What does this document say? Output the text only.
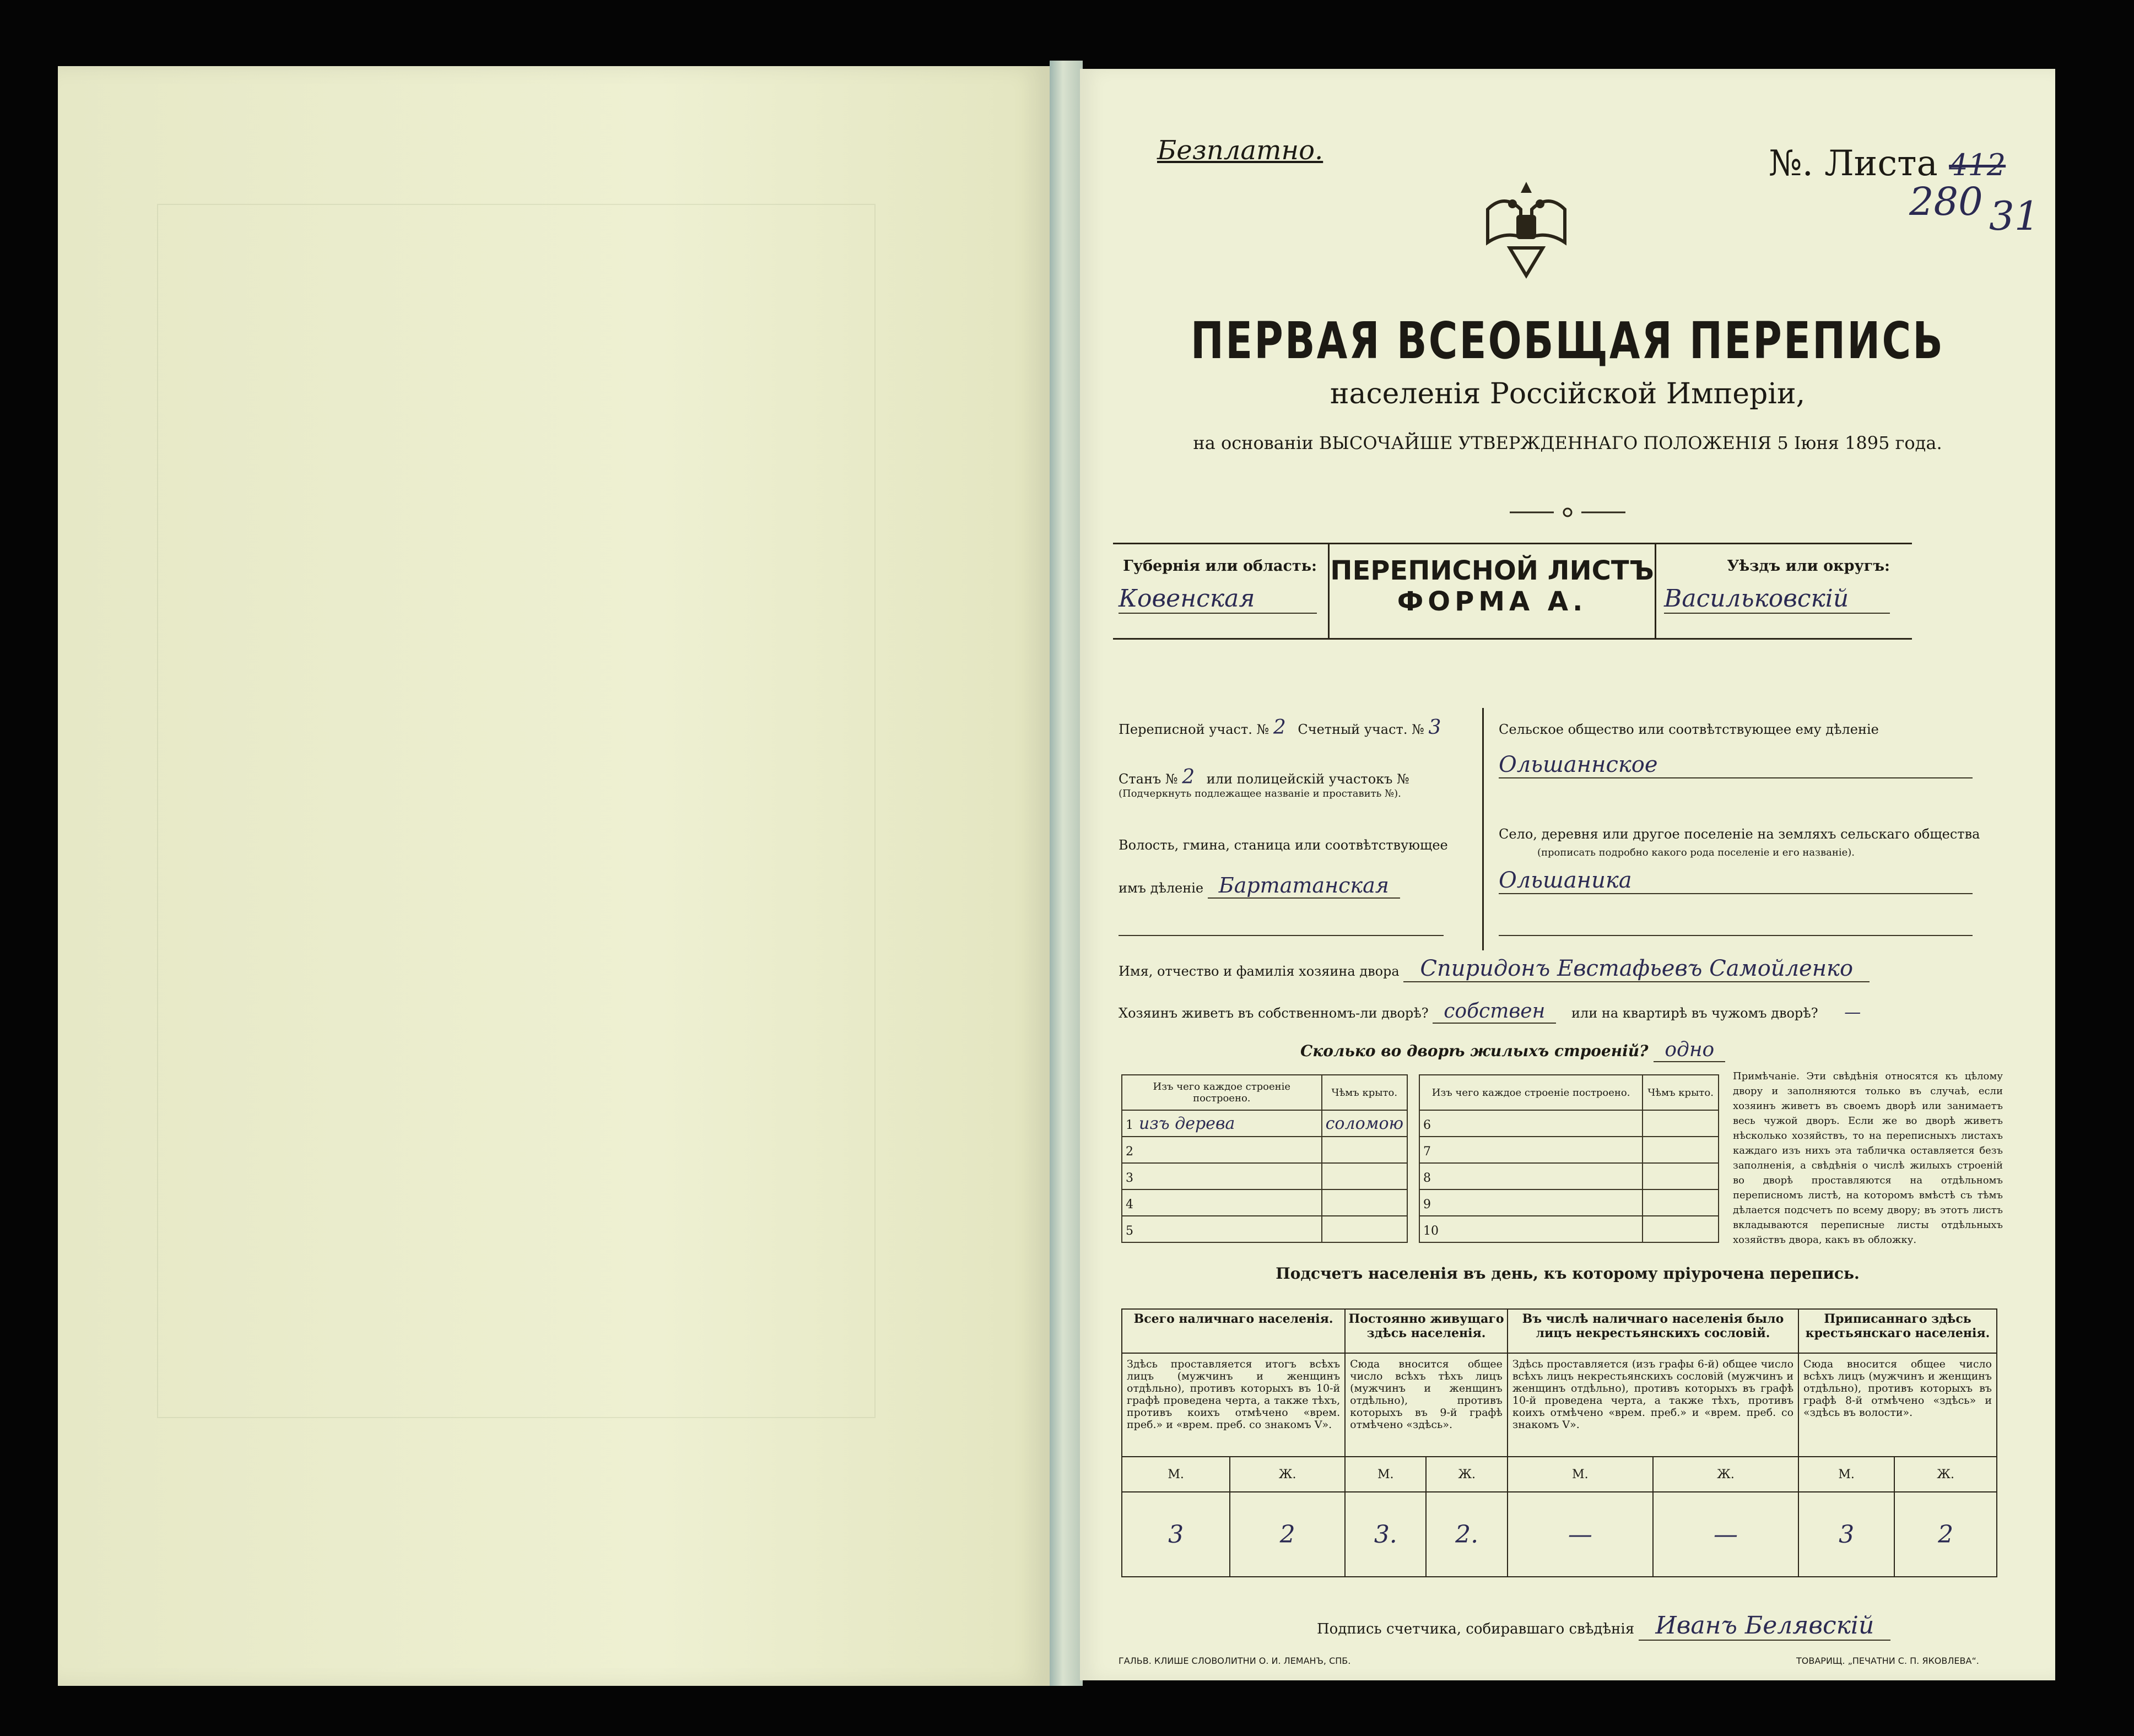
Безплатно.	№. Листа 412
280 31
ПЕРВАЯ ВСЕОБЩАЯ ПЕРЕПИСЬ
населенія Россійской Имперіи,
на основаніи ВЫСОЧАЙШЕ УТВЕРЖДЕННАГО ПОЛОЖЕНІЯ 5 Іюня 1895 года.
Губернія или область:
Ковенская
ПЕРЕПИСНОЙ ЛИСТЪ
ФОРМА А.
Уѣздъ или округъ:
Васильковскій
Переписной участ. № 2 Счетный участ. № 3
Станъ № 2 или полицейскій участокъ №
(Подчеркнуть подлежащее названіе и проставить №).
Волость, гмина, станица или соотвѣтствующее
имъ дѣленіе Бартатанская
Сельское общество или соотвѣтствующее ему дѣленіе
Ольшаннское
Село, деревня или другое поселеніе на земляхъ сельскаго общества
(прописать подробно какого рода поселеніе и его названіе).
Ольшаника
Имя, отчество и фамилія хозяина двора Спиридонъ Евстафьевъ Самойленко
Хозяинъ живетъ въ собственномъ-ли дворѣ? собствен или на квартирѣ въ чужомъ дворѣ? —
Сколько во дворѣ жилыхъ строеній? одно
Изъ чего каждое строеніе построено.	Чѣмъ крыто.
1 изъ дерева	соломою
2	
3	
4	
5	
Изъ чего каждое строеніе построено.	Чѣмъ крыто.
6	
7	
8	
9	
10	
Примѣчаніе. Эти свѣдѣнія относятся къ цѣлому двору и заполняются только въ случаѣ, если хозяинъ живетъ въ своемъ дворѣ или занимаетъ весь чужой дворъ. Если же во дворѣ живетъ нѣсколько хозяйствъ, то на переписныхъ листахъ каждаго изъ нихъ эта табличка оставляется безъ заполненія, а свѣдѣнія о числѣ жилыхъ строеній во дворѣ проставляются на отдѣльномъ переписномъ листѣ, на которомъ вмѣстѣ съ тѣмъ дѣлается подсчетъ по всему двору; въ этотъ листъ вкладываются переписные листы отдѣльныхъ хозяйствъ двора, какъ въ обложку.
Подсчетъ населенія въ день, къ которому пріурочена перепись.
Всего наличнаго населенія.		Постоянно живущаго здѣсь населенія.		Въ числѣ наличнаго населенія было лицъ некрестьянскихъ сословій.		Приписаннаго здѣсь крестьянскаго населенія.	
Здѣсь проставляется итогъ всѣхъ лицъ (мужчинъ и женщинъ отдѣльно), противъ которыхъ въ 10-й графѣ проведена черта, а также тѣхъ, противъ коихъ отмѣчено «врем. преб.» и «врем. преб. со знакомъ V».		Сюда вносится общее число всѣхъ тѣхъ лицъ (мужчинъ и женщинъ отдѣльно), противъ которыхъ въ 9-й графѣ отмѣчено «здѣсь».		Здѣсь проставляется (изъ графы 6-й) общее число всѣхъ лицъ некрестьянскихъ сословій (мужчинъ и женщинъ отдѣльно), противъ которыхъ въ графѣ 10-й проведена черта, а также тѣхъ, противъ коихъ отмѣчено «врем. преб.» и «врем. преб. со знакомъ V».		Сюда вносится общее число всѣхъ лицъ (мужчинъ и женщинъ отдѣльно), противъ которыхъ въ графѣ 8-й отмѣчено «здѣсь» и «здѣсь въ волости».	
М.	Ж.	М.	Ж.	М.	Ж.	М.	Ж.
3	2	3.	2.	—	—	3	2
Подпись счетчика, собиравшаго свѣдѣнія Иванъ Белявскій
ГАЛЬВ. КЛИШЕ СЛОВОЛИТНИ О. И. ЛЕМАНЪ, СПБ.	ТОВАРИЩ. „ПЕЧАТНИ С. П. ЯКОВЛЕВА“.
